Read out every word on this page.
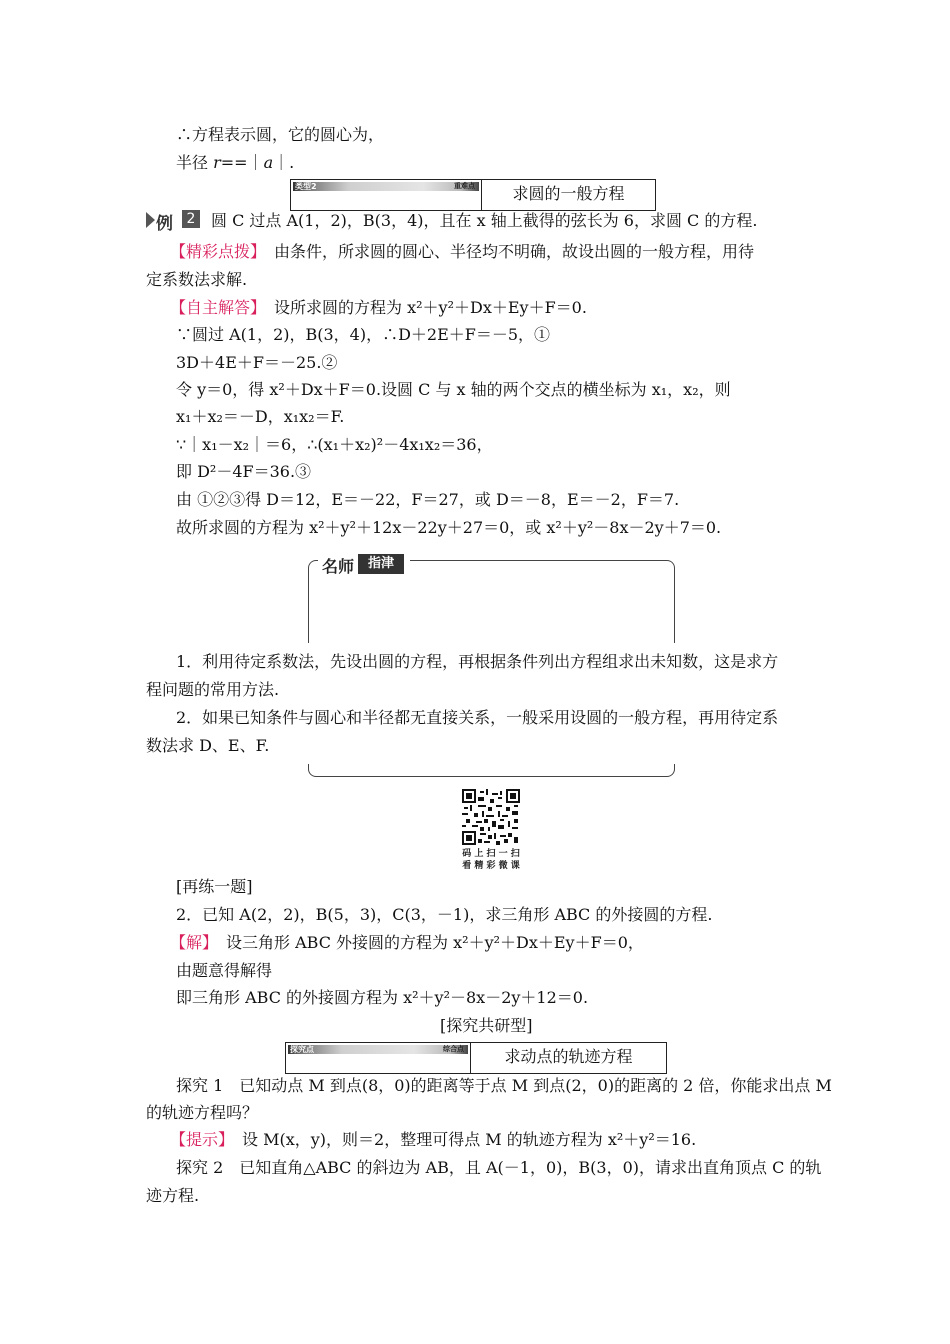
∴方程表示圆，它的圆心为，
半径 r==｜a｜.
类型2	重难点	求圆的一般方程
例 2 圆 C 过点 A(1，2)，B(3，4)，且在 x 轴上截得的弦长为 6，求圆 C 的方程.
【精彩点拨】　由条件，所求圆的圆心、半径均不明确，故设出圆的一般方程，用待
定系数法求解.
【自主解答】　设所求圆的方程为 x²＋y²＋Dx＋Ey＋F＝0.
∵圆过 A(1，2)，B(3，4)，∴D＋2E＋F＝－5，①
3D＋4E＋F＝－25.②
令 y＝0，得 x²＋Dx＋F＝0.设圆 C 与 x 轴的两个交点的横坐标为 x₁，x₂，则
x₁＋x₂＝－D，x₁x₂＝F.
∵｜x₁－x₂｜＝6，∴(x₁＋x₂)²－4x₁x₂＝36，
即 D²－4F＝36.③
由 ①②③得 D＝12，E＝－22，F＝27，或 D＝－8，E＝－2，F＝7.
故所求圆的方程为 x²＋y²＋12x－22y＋27＝0，或 x²＋y²－8x－2y＋7＝0.
名师	指津
1．利用待定系数法，先设出圆的方程，再根据条件列出方程组求出未知数，这是求方
程问题的常用方法.
2．如果已知条件与圆心和半径都无直接关系，一般采用设圆的一般方程，再用待定系
数法求 D、E、F.
码 上 扫 一 扫
看 精 彩 微 课
[再练一题]
2．已知 A(2，2)，B(5，3)，C(3，－1)，求三角形 ABC 的外接圆的方程.
【解】　设三角形 ABC 外接圆的方程为 x²＋y²＋Dx＋Ey＋F＝0，
由题意得解得
即三角形 ABC 的外接圆方程为 x²＋y²－8x－2y＋12＝0.
[探究共研型]
探究点	综合点	求动点的轨迹方程
探究 1　已知动点 M 到点(8，0)的距离等于点 M 到点(2，0)的距离的 2 倍，你能求出点 M
的轨迹方程吗？
【提示】　设 M(x，y)，则＝2，整理可得点 M 的轨迹方程为 x²＋y²＝16.
探究 2　已知直角△ABC 的斜边为 AB，且 A(－1，0)，B(3，0)，请求出直角顶点 C 的轨
迹方程.
